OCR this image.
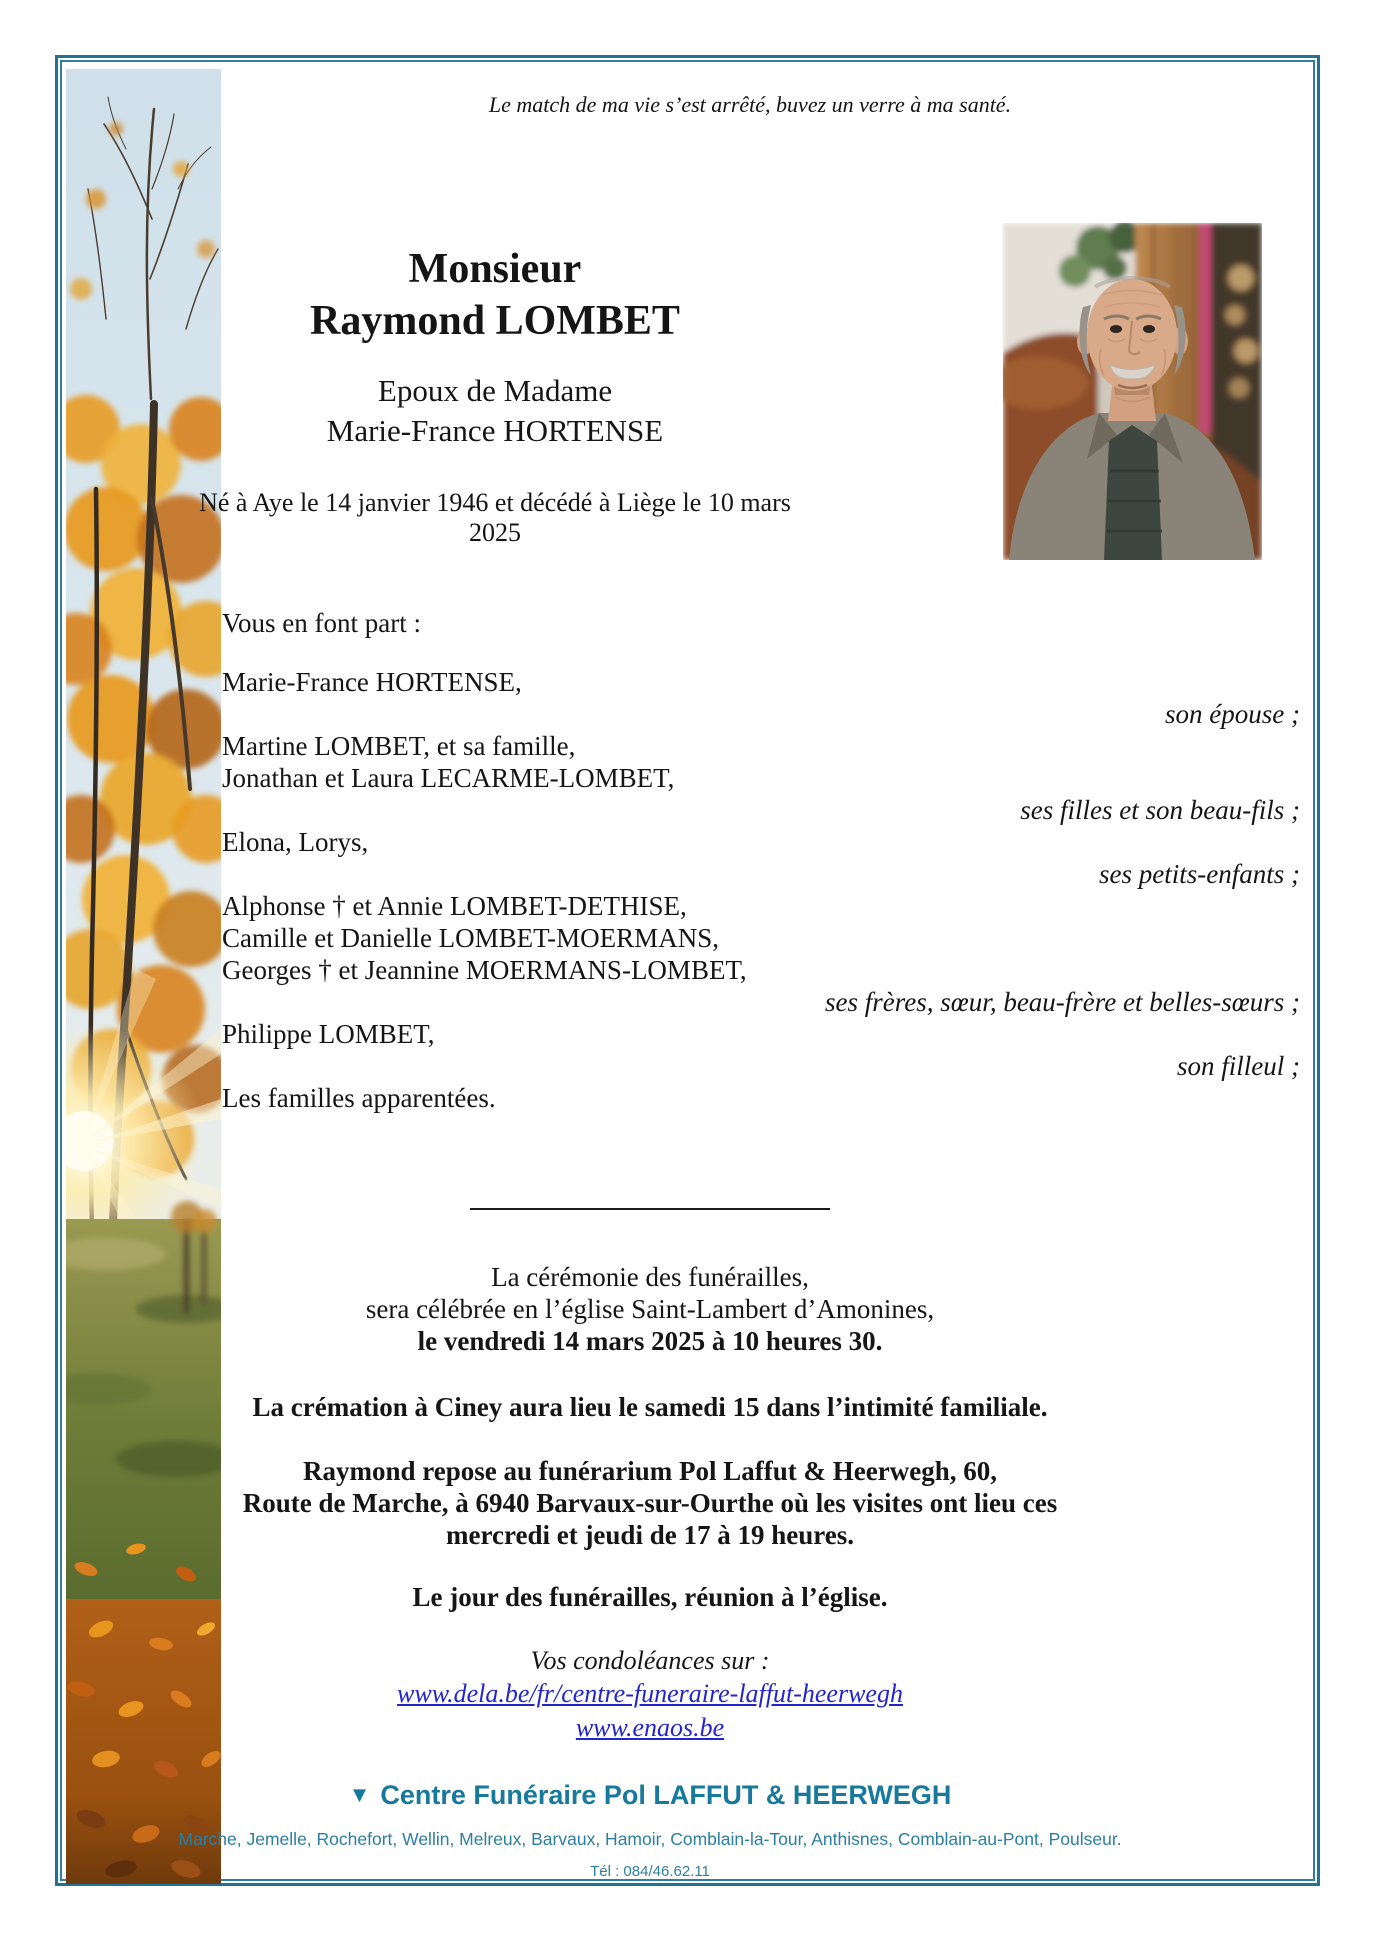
Le match de ma vie s’est arrêté, buvez un verre à ma santé.
Monsieur
Raymond LOMBET
Epoux de Madame
Marie-France HORTENSE
Né à Aye le 14 janvier 1946 et décédé à Liège le 10 mars 2025
Vous en font part :
Marie-France HORTENSE,
son épouse ;
Martine LOMBET, et sa famille,
Jonathan et Laura LECARME-LOMBET,
ses filles et son beau-fils ;
Elona, Lorys,
ses petits-enfants ;
Alphonse † et Annie LOMBET-DETHISE,
Camille et Danielle LOMBET-MOERMANS,
Georges † et Jeannine MOERMANS-LOMBET,
ses frères, sœur, beau-frère et belles-sœurs ;
Philippe LOMBET,
son filleul ;
Les familles apparentées.
La cérémonie des funérailles,
sera célébrée en l’église Saint-Lambert d’Amonines,
le vendredi 14 mars 2025 à 10 heures 30.
La crémation à Ciney aura lieu le samedi 15 dans l’intimité familiale.
Raymond repose au funérarium Pol Laffut & Heerwegh, 60,
Route de Marche, à 6940 Barvaux-sur-Ourthe où les visites ont lieu ces
mercredi et jeudi de 17 à 19 heures.
Le jour des funérailles, réunion à l’église.
Vos condoléances sur :
www.dela.be/fr/centre-funeraire-laffut-heerwegh
www.enaos.be
▼ Centre Funéraire Pol LAFFUT & HEERWEGH
Marche, Jemelle, Rochefort, Wellin, Melreux, Barvaux, Hamoir, Comblain-la-Tour, Anthisnes, Comblain-au-Pont, Poulseur.
Tél : 084/46.62.11
